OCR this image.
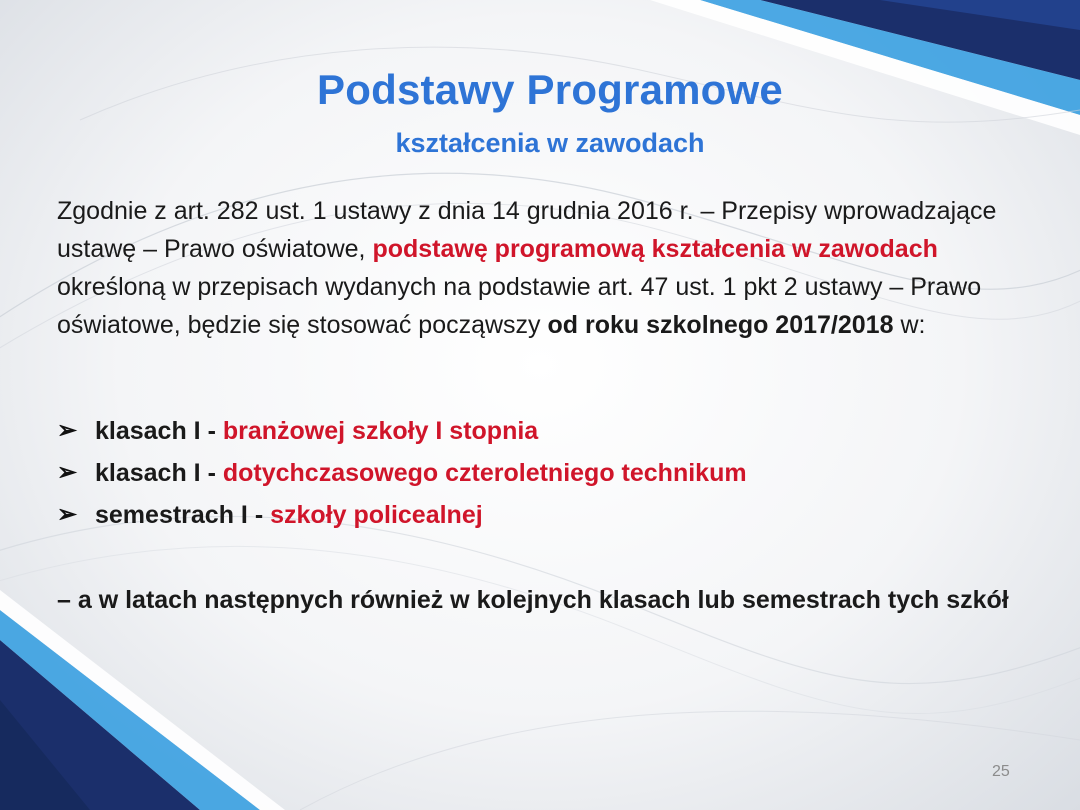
Podstawy Programowe
kształcenia w zawodach
Zgodnie z art. 282 ust. 1 ustawy z dnia 14 grudnia 2016 r. – Przepisy wprowadzające ustawę – Prawo oświatowe, podstawę programową kształcenia w zawodach określoną w przepisach wydanych na podstawie art. 47 ust. 1 pkt 2 ustawy – Prawo oświatowe, będzie się stosować począwszy od roku szkolnego 2017/2018 w:
➢ klasach I - branżowej szkoły I stopnia
➢ klasach I - dotychczasowego czteroletniego technikum
➢ semestrach I - szkoły policealnej
– a w latach następnych również w kolejnych klasach lub semestrach tych szkół
25
